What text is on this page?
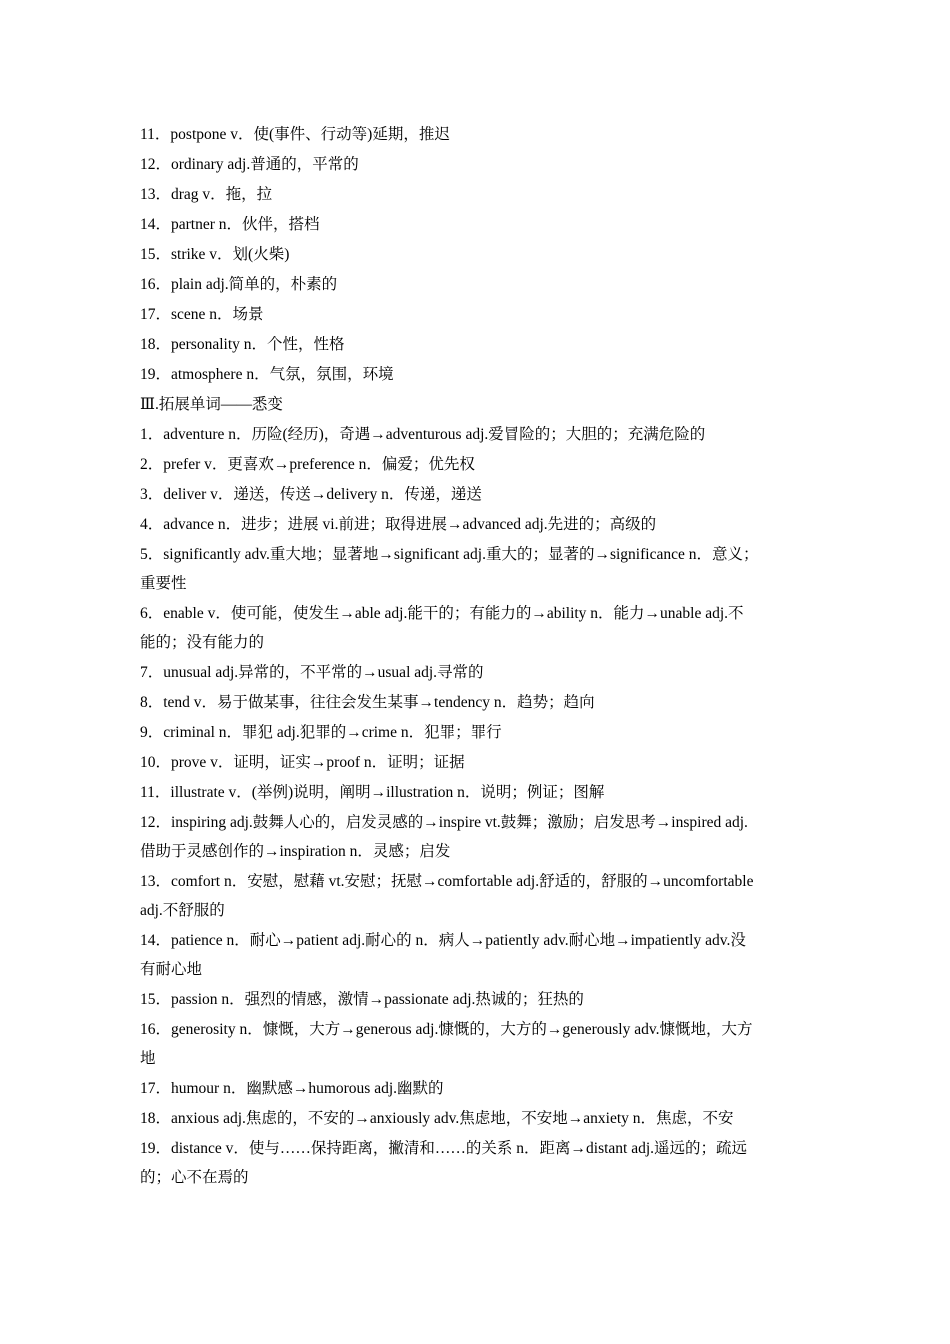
11．postpone v．使(事件、行动等)延期，推迟
12．ordinary adj.普通的，平常的
13．drag v．拖，拉
14．partner n．伙伴，搭档
15．strike v．划(火柴)
16．plain adj.简单的，朴素的
17．scene n．场景
18．personality n．个性，性格
19．atmosphere n．气氛，氛围，环境
Ⅲ.拓展单词——悉变
1．adventure n．历险(经历)，奇遇→adventurous adj.爱冒险的；大胆的；充满危险的
2．prefer v．更喜欢→preference n．偏爱；优先权
3．deliver v．递送，传送→delivery n．传递，递送
4．advance n．进步；进展 vi.前进；取得进展→advanced adj.先进的；高级的
5．significantly adv.重大地；显著地→significant adj.重大的；显著的→significance n．意义；
重要性
6．enable v．使可能，使发生→able adj.能干的；有能力的→ability n．能力→unable adj.不
能的；没有能力的
7．unusual adj.异常的，不平常的→usual adj.寻常的
8．tend v．易于做某事，往往会发生某事→tendency n．趋势；趋向
9．criminal n．罪犯 adj.犯罪的→crime n．犯罪；罪行
10．prove v．证明，证实→proof n．证明；证据
11．illustrate v．(举例)说明，阐明→illustration n．说明；例证；图解
12．inspiring adj.鼓舞人心的，启发灵感的→inspire vt.鼓舞；激励；启发思考→inspired adj.
借助于灵感创作的→inspiration n．灵感；启发
13．comfort n．安慰，慰藉 vt.安慰；抚慰→comfortable adj.舒适的，舒服的→uncomfortable
adj.不舒服的
14．patience n．耐心→patient adj.耐心的 n．病人→patiently adv.耐心地→impatiently adv.没
有耐心地
15．passion n．强烈的情感，激情→passionate adj.热诚的；狂热的
16．generosity n．慷慨，大方→generous adj.慷慨的，大方的→generously adv.慷慨地，大方
地
17．humour n．幽默感→humorous adj.幽默的
18．anxious adj.焦虑的，不安的→anxiously adv.焦虑地，不安地→anxiety n．焦虑，不安
19．distance v．使与……保持距离，撇清和……的关系 n．距离→distant adj.遥远的；疏远
的；心不在焉的
